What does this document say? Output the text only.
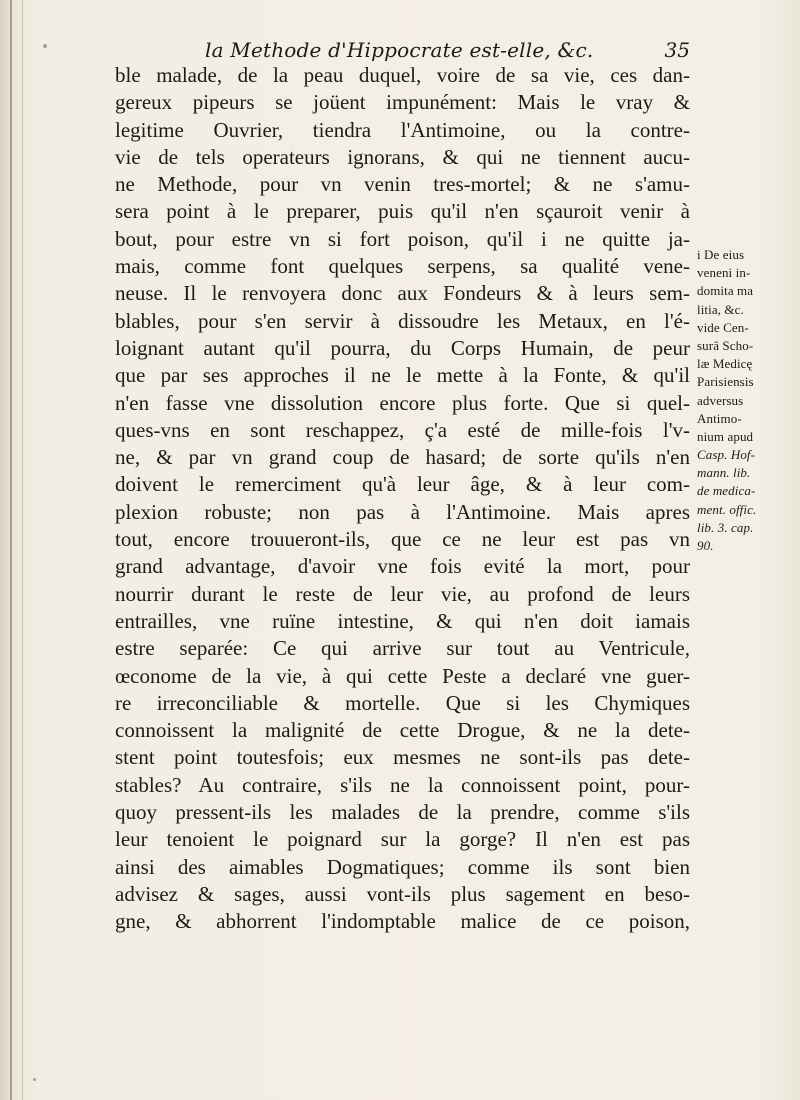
la Methode d'Hippocrate est-elle, &c.	35
ble malade, de la peau duquel, voire de sa vie, ces dan-
gereux pipeurs se joüent impunément: Mais le vray &
legitime Ouvrier, tiendra l'Antimoine, ou la contre-
vie de tels operateurs ignorans, & qui ne tiennent aucu-
ne Methode, pour vn venin tres-mortel; & ne s'amu-
sera point à le preparer, puis qu'il n'en sçauroit venir à
bout, pour estre vn si fort poison, qu'il i ne quitte ja-
mais, comme font quelques serpens, sa qualité vene-
neuse. Il le renvoyera donc aux Fondeurs & à leurs sem-
blables, pour s'en servir à dissoudre les Metaux, en l'é-
loignant autant qu'il pourra, du Corps Humain, de peur
que par ses approches il ne le mette à la Fonte, & qu'il
n'en fasse vne dissolution encore plus forte. Que si quel-
ques-vns en sont reschappez, ç'a esté de mille-fois l'v-
ne, & par vn grand coup de hasard; de sorte qu'ils n'en
doivent le remerciment qu'à leur âge, & à leur com-
plexion robuste; non pas à l'Antimoine. Mais apres
tout, encore trouueront-ils, que ce ne leur est pas vn
grand advantage, d'avoir vne fois evité la mort, pour
nourrir durant le reste de leur vie, au profond de leurs
entrailles, vne ruïne intestine, & qui n'en doit iamais
estre separée: Ce qui arrive sur tout au Ventricule,
œconome de la vie, à qui cette Peste a declaré vne guer-
re irreconciliable & mortelle. Que si les Chymiques
connoissent la malignité de cette Drogue, & ne la dete-
stent point toutesfois; eux mesmes ne sont-ils pas dete-
stables? Au contraire, s'ils ne la connoissent point, pour-
quoy pressent-ils les malades de la prendre, comme s'ils
leur tenoient le poignard sur la gorge? Il n'en est pas
ainsi des aimables Dogmatiques; comme ils sont bien
advisez & sages, aussi vont-ils plus sagement en beso-
gne, & abhorrent l'indomptable malice de ce poison,
i De eius
veneni in-
domita ma
litia, &c.
vide Cen-
surâ Scho-
læ Medicę
Parisiensis
adversus
Antimo-
nium apud
Casp. Hof-
mann. lib.
de medica-
ment. offic.
lib. 3. cap.
90.
